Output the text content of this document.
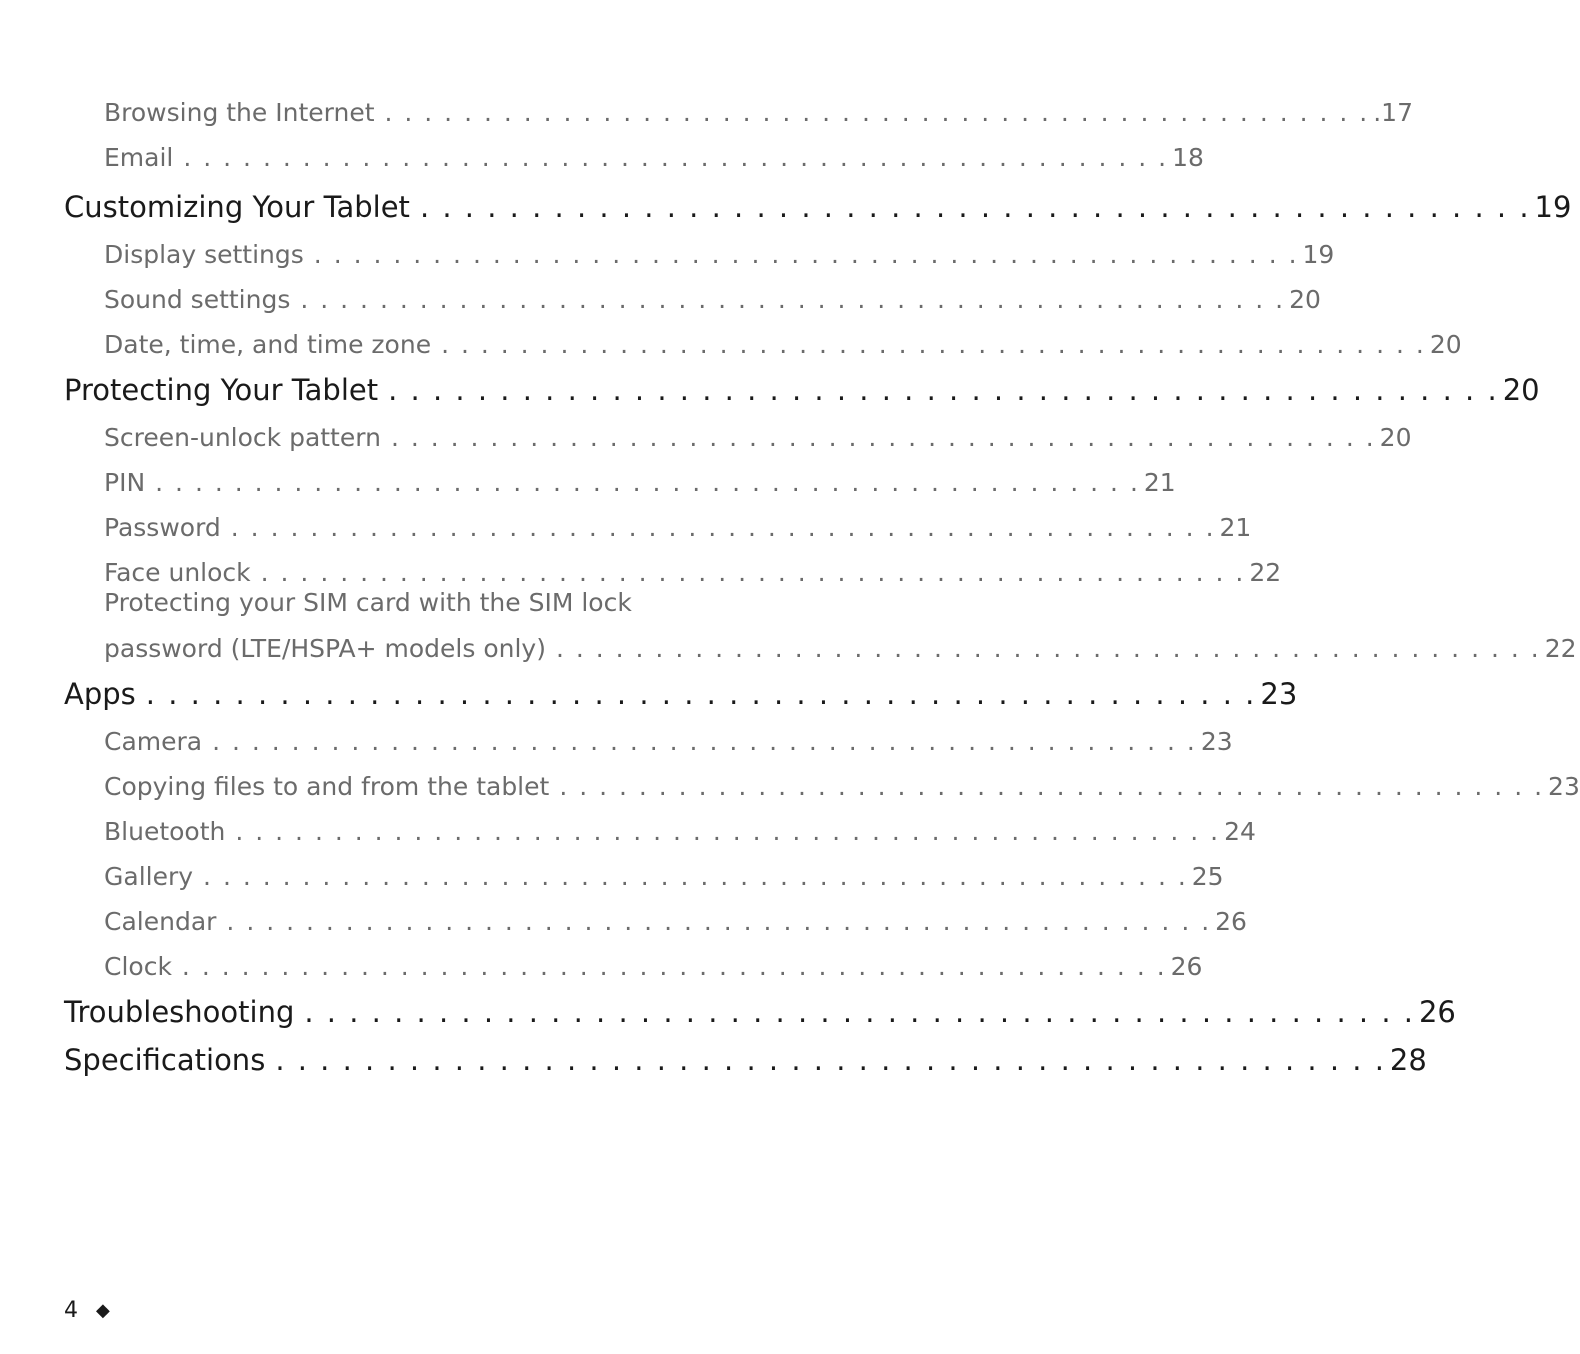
Browsing the Internet . . . . . . . . . . . . . . . . . . . . . . . . . . . . . . . . . . . . . . . . . . . . . . . . . . .17
Email . . . . . . . . . . . . . . . . . . . . . . . . . . . . . . . . . . . . . . . . . . . . . . . . . . 18
Customizing Your Tablet . . . . . . . . . . . . . . . . . . . . . . . . . . . . . . . . . . . . . . . . . . . . . . . . . . 19
Display settings . . . . . . . . . . . . . . . . . . . . . . . . . . . . . . . . . . . . . . . . . . . . . . . . . . 19
Sound settings . . . . . . . . . . . . . . . . . . . . . . . . . . . . . . . . . . . . . . . . . . . . . . . . . . 20
Date, time, and time zone . . . . . . . . . . . . . . . . . . . . . . . . . . . . . . . . . . . . . . . . . . . . . . . . . . 20
Protecting Your Tablet . . . . . . . . . . . . . . . . . . . . . . . . . . . . . . . . . . . . . . . . . . . . . . . . . . 20
Screen-unlock pattern . . . . . . . . . . . . . . . . . . . . . . . . . . . . . . . . . . . . . . . . . . . . . . . . . . 20
PIN . . . . . . . . . . . . . . . . . . . . . . . . . . . . . . . . . . . . . . . . . . . . . . . . . . 21
Password . . . . . . . . . . . . . . . . . . . . . . . . . . . . . . . . . . . . . . . . . . . . . . . . . . 21
Face unlock . . . . . . . . . . . . . . . . . . . . . . . . . . . . . . . . . . . . . . . . . . . . . . . . . . 22
Protecting your SIM card with the SIM lock
password (LTE/HSPA+ models only) . . . . . . . . . . . . . . . . . . . . . . . . . . . . . . . . . . . . . . . . . . . . . . . . . . 22
Apps . . . . . . . . . . . . . . . . . . . . . . . . . . . . . . . . . . . . . . . . . . . . . . . . . . 23
Camera . . . . . . . . . . . . . . . . . . . . . . . . . . . . . . . . . . . . . . . . . . . . . . . . . . 23
Copying files to and from the tablet . . . . . . . . . . . . . . . . . . . . . . . . . . . . . . . . . . . . . . . . . . . . . . . . . . 23
Bluetooth . . . . . . . . . . . . . . . . . . . . . . . . . . . . . . . . . . . . . . . . . . . . . . . . . . 24
Gallery . . . . . . . . . . . . . . . . . . . . . . . . . . . . . . . . . . . . . . . . . . . . . . . . . . 25
Calendar . . . . . . . . . . . . . . . . . . . . . . . . . . . . . . . . . . . . . . . . . . . . . . . . . . 26
Clock . . . . . . . . . . . . . . . . . . . . . . . . . . . . . . . . . . . . . . . . . . . . . . . . . . 26
Troubleshooting . . . . . . . . . . . . . . . . . . . . . . . . . . . . . . . . . . . . . . . . . . . . . . . . . . 26
Specifications . . . . . . . . . . . . . . . . . . . . . . . . . . . . . . . . . . . . . . . . . . . . . . . . . . 28
4 ◆
